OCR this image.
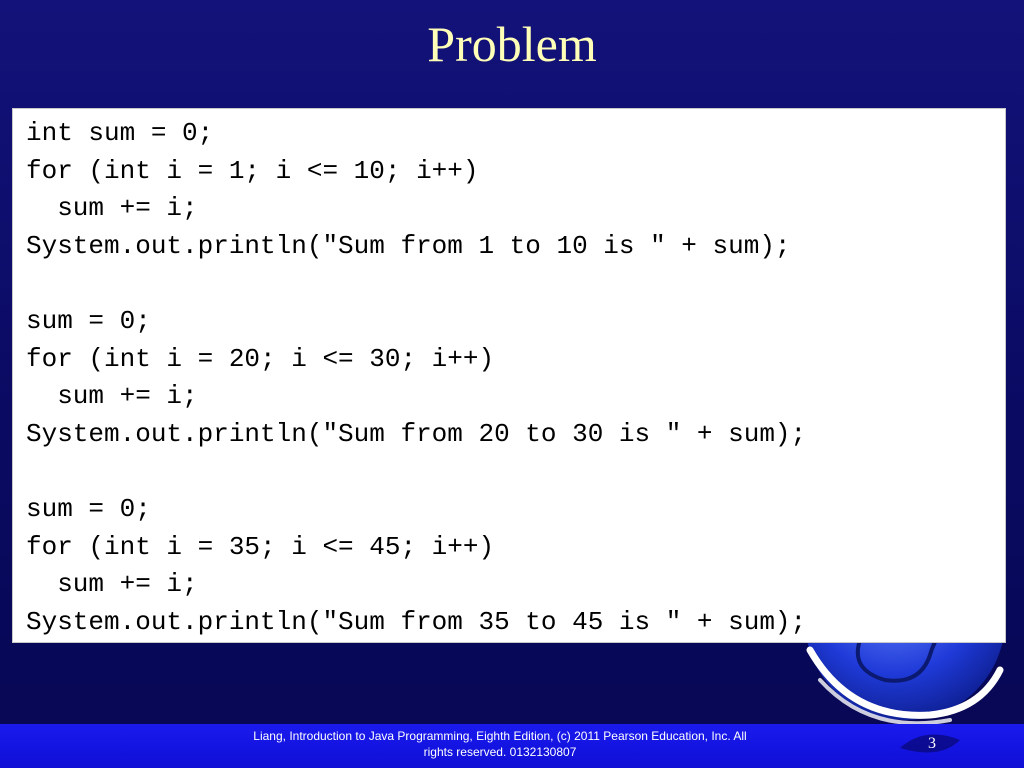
Problem
int sum = 0;
for (int i = 1; i <= 10; i++)
sum += i;
System.out.println("Sum from 1 to 10 is " + sum);
sum = 0;
for (int i = 20; i <= 30; i++)
sum += i;
System.out.println("Sum from 20 to 30 is " + sum);
sum = 0;
for (int i = 35; i <= 45; i++)
sum += i;
System.out.println("Sum from 35 to 45 is " + sum);
Liang, Introduction to Java Programming, Eighth Edition, (c) 2011 Pearson Education, Inc. All
rights reserved. 0132130807	3
